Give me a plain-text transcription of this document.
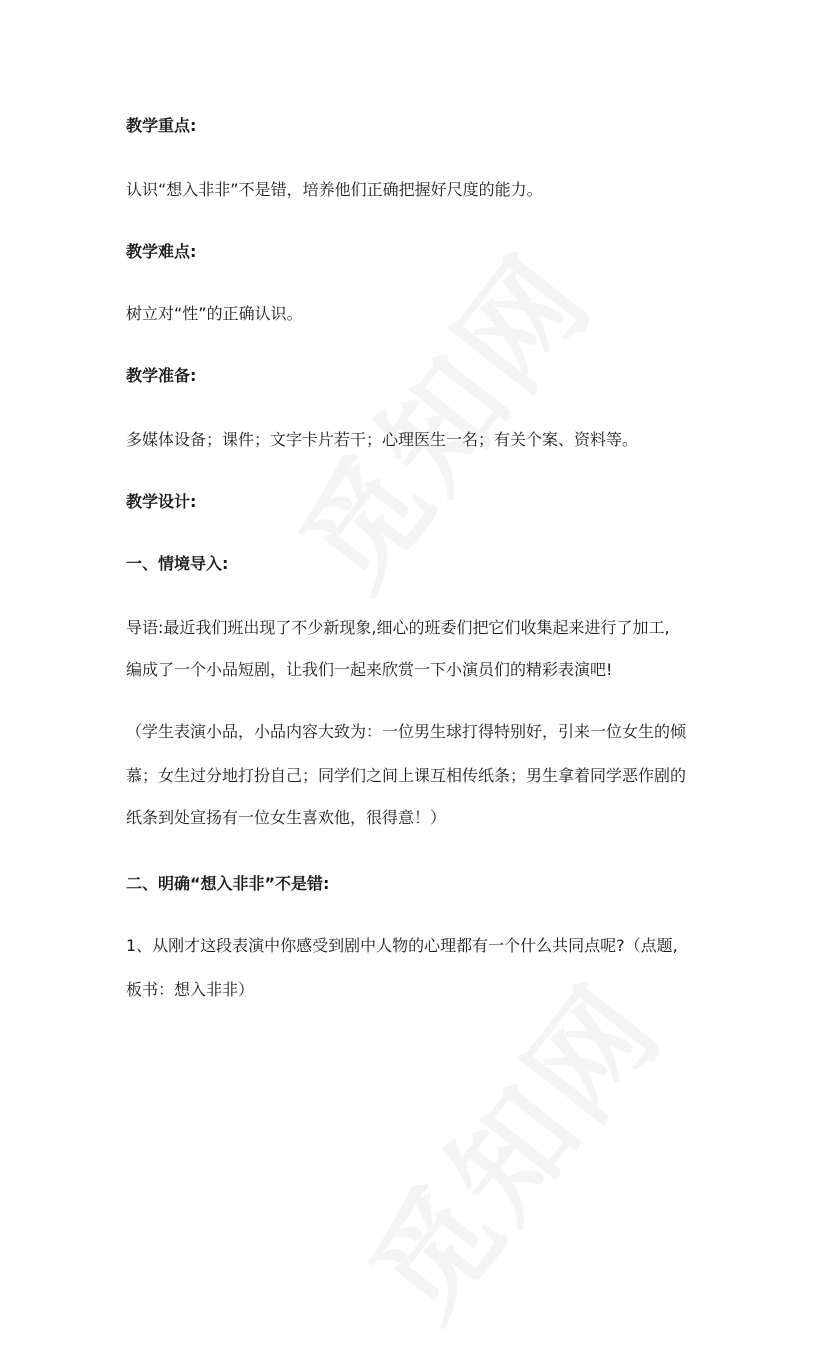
教学重点:
认识“想入非非”不是错，培养他们正确把握好尺度的能力。
教学难点:
树立对“性”的正确认识。
教学准备:
多媒体设备；课件；文字卡片若干；心理医生一名；有关个案、资料等。
教学设计:
一、情境导入:
导语:最近我们班出现了不少新现象,细心的班委们把它们收集起来进行了加工,
编成了一个小品短剧，让我们一起来欣赏一下小演员们的精彩表演吧!
（学生表演小品，小品内容大致为：一位男生球打得特别好，引来一位女生的倾
慕；女生过分地打扮自己；同学们之间上课互相传纸条；男生拿着同学恶作剧的
纸条到处宣扬有一位女生喜欢他，很得意！）
二、明确“想入非非”不是错:
1、从刚才这段表演中你感受到剧中人物的心理都有一个什么共同点呢?（点题,
板书：想入非非）
